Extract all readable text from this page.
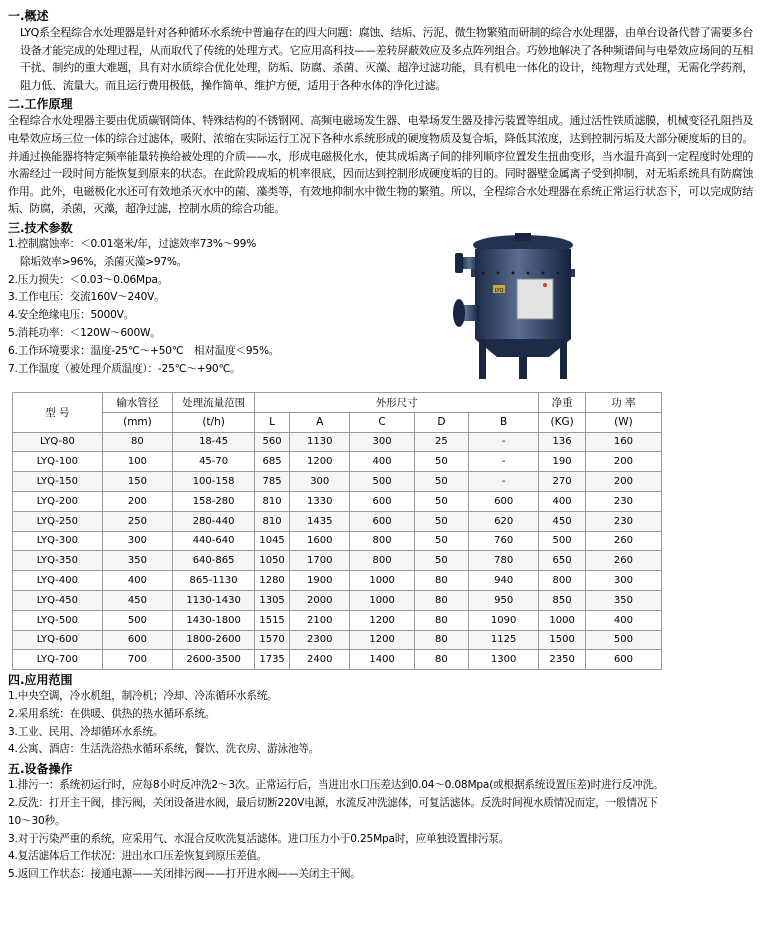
一.概述
LYQ系全程综合水处理器是针对各种循环水系统中普遍存在的四大问题：腐蚀、结垢、污泥、微生物繁殖而研制的综合水处理器，由单台设备代替了需要多台设备才能完成的处理过程，从而取代了传统的处理方式。它应用高科技——差转屏蔽效应及多点阵列组合。巧妙地解决了各种频谱间与电晕效应场间的互相干扰、制约的重大难题，具有对水质综合优化处理，防垢、防腐、杀菌、灭藻、超净过滤功能，具有机电一体化的设计，纯物理方式处理，无需化学药剂，阻力低、流量大。而且运行费用极低，操作简单、维护方便，适用于各种水体的净化过滤。
二.工作原理
全程综合水处理器主要由优质碳钢筒体、特殊结构的不锈钢网、高频电磁场发生器、电晕场发生器及排污装置等组成。通过活性铁质滤膜，机械变径孔阻挡及电晕效应场三位一体的综合过滤体，吸附、浓缩在实际运行工况下各种水系统形成的硬度物质及复合垢，降低其浓度，达到控制污垢及大部分硬度垢的目的。并通过换能器将特定频率能量转换给被处理的介质——水，形成电磁极化水，使其成垢离子间的排列顺序位置发生扭曲变形，当水温升高到一定程度时处理的水需经过一段时间方能恢复到原来的状态。在此阶段成垢的机率很底，因而达到控制形成硬度垢的目的。同时器壁金属离子受到抑制，对无垢系统具有防腐蚀作用。此外，电磁极化水还可有效地杀灭水中的菌、藻类等，有效地抑制水中微生物的繁殖。所以，全程综合水处理器在系统正常运行状态下，可以完成防结垢、防腐，杀菌，灭藻，超净过滤，控制水质的综合功能。
三.技术参数
1.控制腐蚀率：＜0.01毫米/年，过滤效率73%～99%
除垢效率>96%，杀菌灭藻>97%。
2.压力损失：＜0.03～0.06Mpa。
3.工作电压：交流160V～240V。
4.安全绝缘电压：5000V。
5.消耗功率：＜120W～600W。
6.工作环境要求：温度-25℃～+50℃　相对温度＜95%。
7.工作温度（被处理介质温度）：-25℃～+90℃。
LYQ
型 号	输水管径	处理流量范围	外形尺寸					净重	功 率
	(mm)	(t/h)	L	A	C	D	B	(KG)	(W)
LYQ-80	80	18-45	560	1130	300	25	-	136	160
LYQ-100	100	45-70	685	1200	400	50	-	190	200
LYQ-150	150	100-158	785	300	500	50	-	270	200
LYQ-200	200	158-280	810	1330	600	50	600	400	230
LYQ-250	250	280-440	810	1435	600	50	620	450	230
LYQ-300	300	440-640	1045	1600	800	50	760	500	260
LYQ-350	350	640-865	1050	1700	800	50	780	650	260
LYQ-400	400	865-1130	1280	1900	1000	80	940	800	300
LYQ-450	450	1130-1430	1305	2000	1000	80	950	850	350
LYQ-500	500	1430-1800	1515	2100	1200	80	1090	1000	400
LYQ-600	600	1800-2600	1570	2300	1200	80	1125	1500	500
LYQ-700	700	2600-3500	1735	2400	1400	80	1300	2350	600
四.应用范围
1.中央空调，冷水机组，制冷机；冷却、冷冻循环水系统。
2.采用系统：在供暖、供热的热水循环系统。
3.工业、民用、冷却循环水系统。
4.公寓、酒店：生活洗浴热水循环系统，餐饮、洗衣房、游泳池等。
五.设备操作
1.排污一：系统初运行时，应每8小时反冲洗2～3次。正常运行后，当进出水口压差达到0.04～0.08Mpa(或根据系统设置压差)时进行反冲洗。
2.反洗：打开主干阀，排污阀，关闭设备进水阀，最后切断220V电源，水流反冲洗滤体，可复活滤体。反洗时间视水质情况而定，一般情况下
10～30秒。
3.对于污染严重的系统，应采用气、水混合反吹洗复活滤体。进口压力小于0.25Mpa时，应单独设置排污泵。
4.复活滤体后工作状况：进出水口压差恢复到原压差值。
5.返回工作状态：接通电源——关闭排污阀——打开进水阀——关闭主干阀。
